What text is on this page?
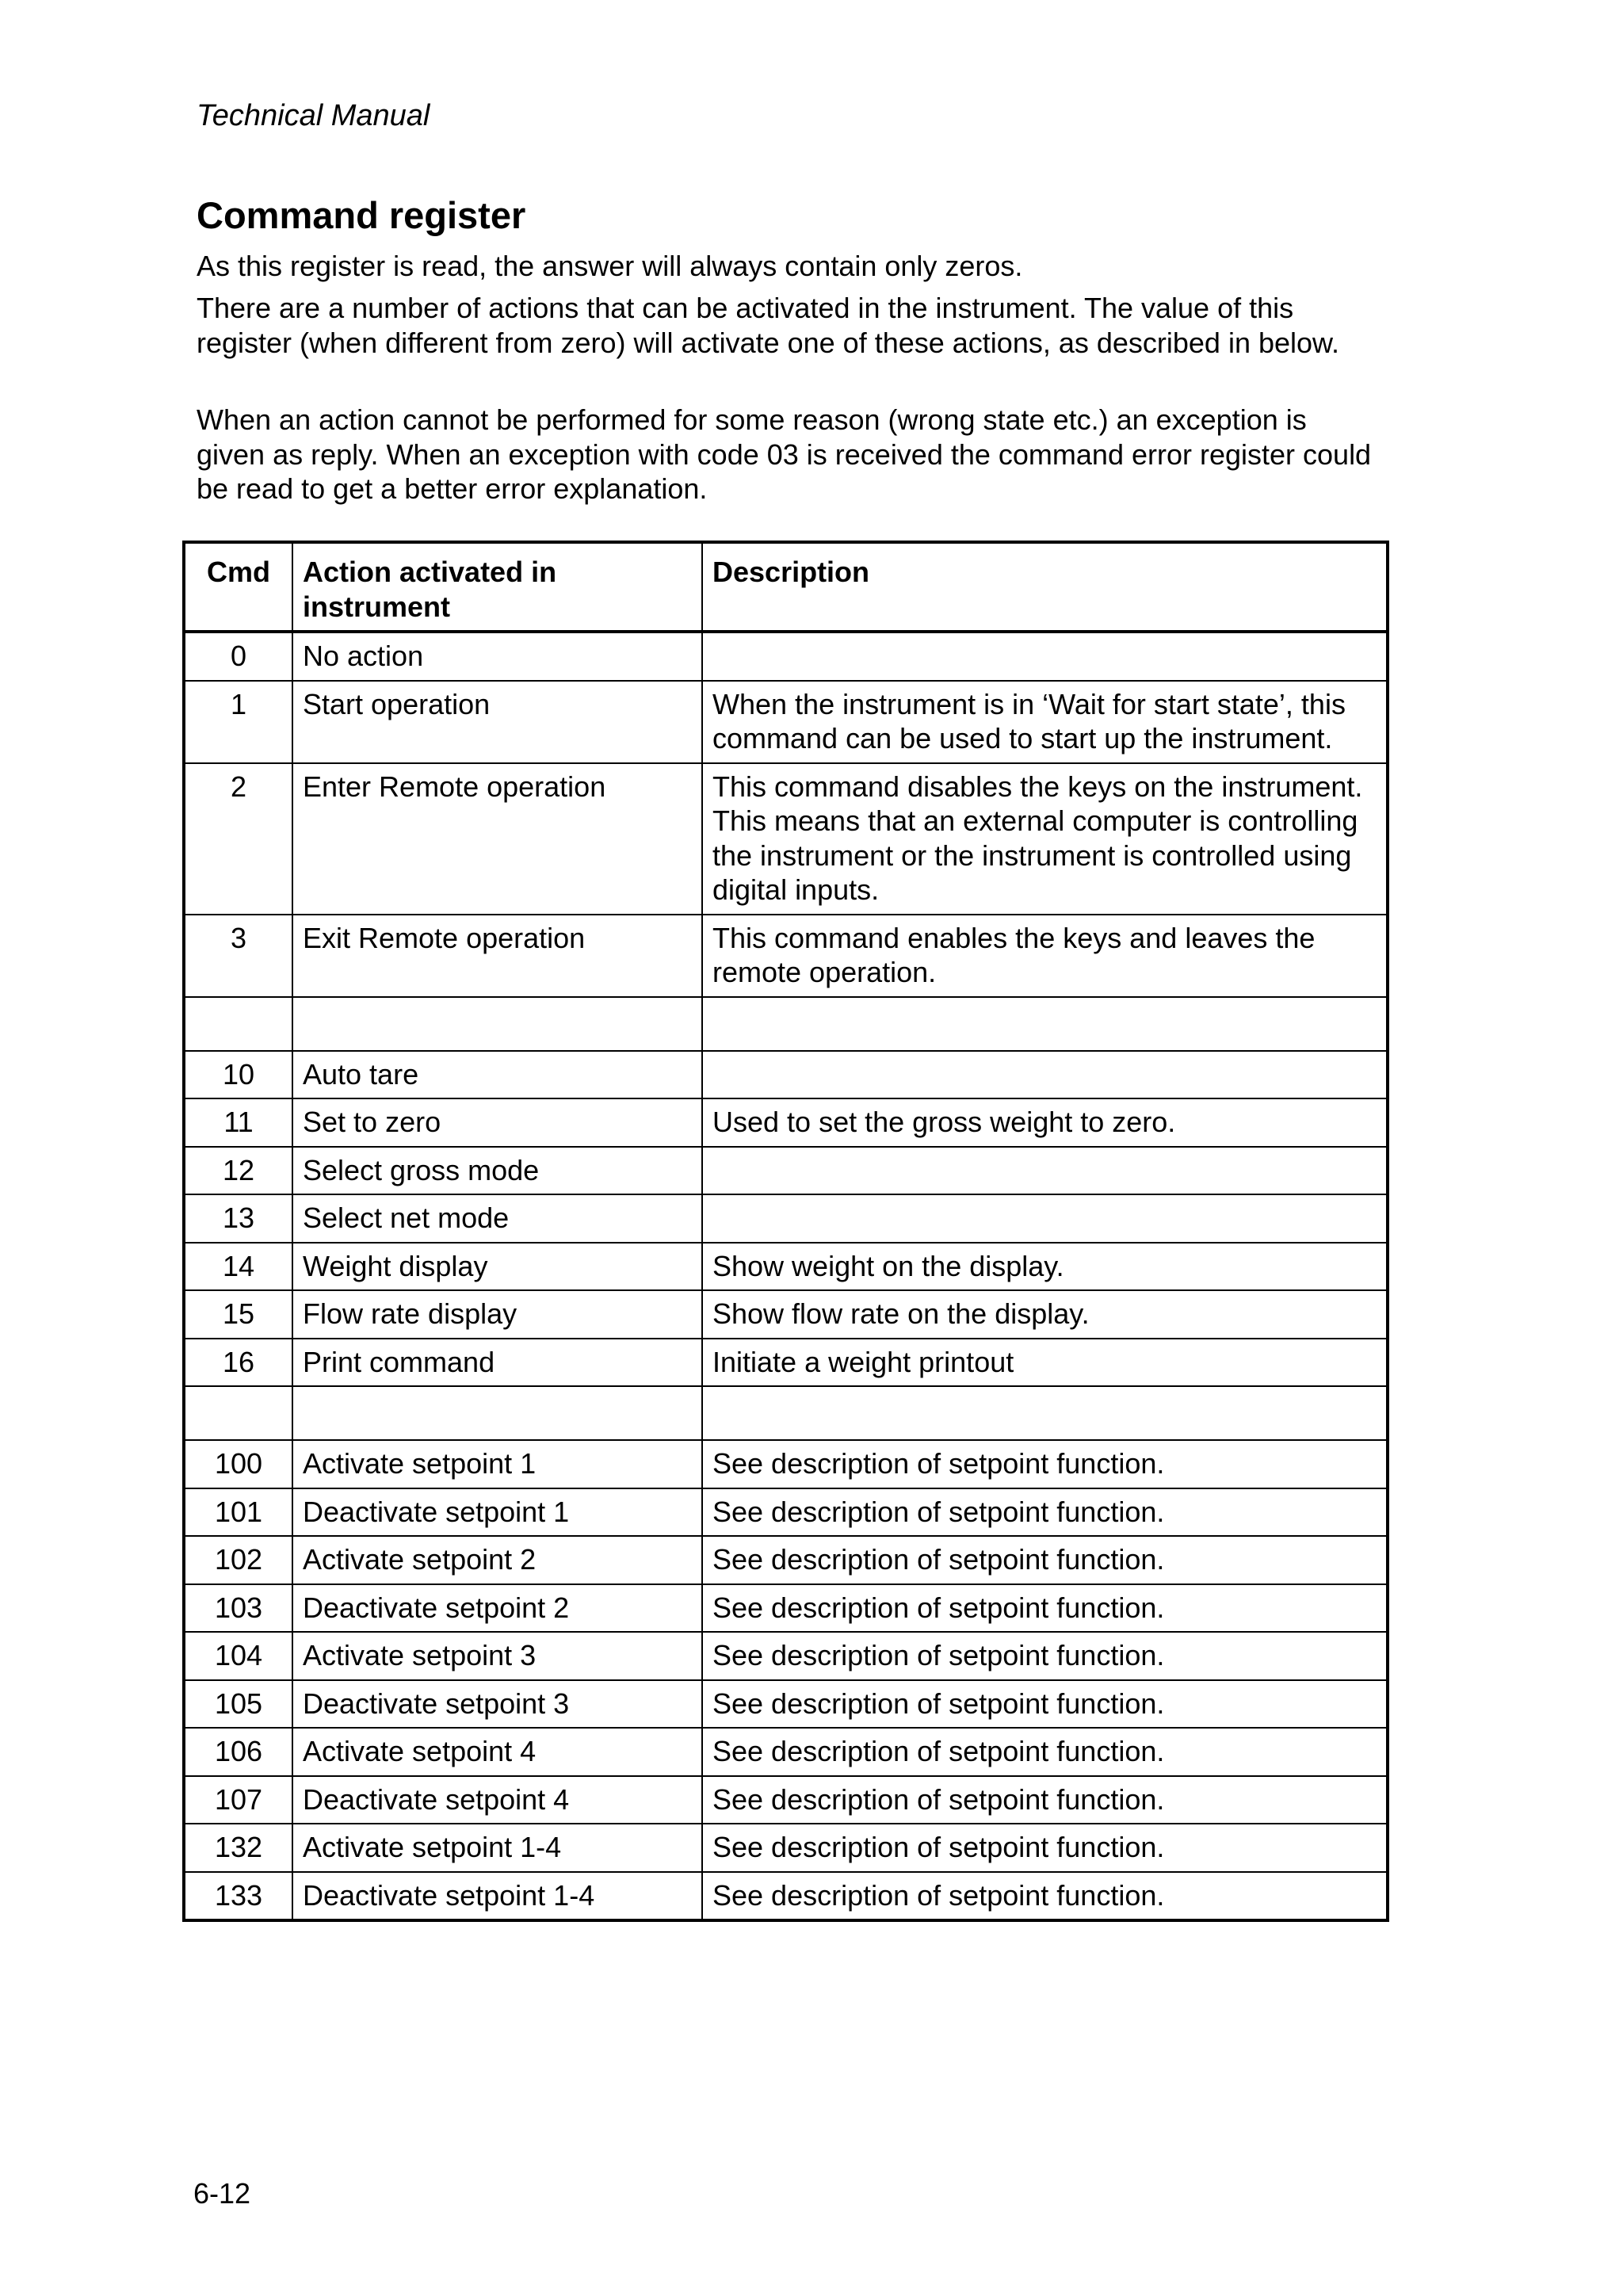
Technical Manual
Command register
As this register is read, the answer will always contain only zeros.
There are a number of actions that can be activated in the instrument. The value of this register (when different from zero) will activate one of these actions, as described in below.
When an action cannot be performed for some reason (wrong state etc.) an exception is given as reply. When an exception with code 03 is received the command error register could be read to get a better error explanation.
Cmd	Action activated in instrument	Description
0	No action	
1	Start operation	When the instrument is in ‘Wait for start state’, this command can be used to start up the instrument.
2	Enter Remote operation	This command disables the keys on the instrument. This means that an external computer is controlling the instrument or the instrument is controlled using digital inputs.
3	Exit Remote operation	This command enables the keys and leaves the remote operation.

10	Auto tare	
11	Set to zero	Used to set the gross weight to zero.
12	Select gross mode	
13	Select net mode	
14	Weight display	Show weight on the display.
15	Flow rate display	Show flow rate on the display.
16	Print command	Initiate a weight printout

100	Activate setpoint 1	See description of setpoint function.
101	Deactivate setpoint 1	See description of setpoint function.
102	Activate setpoint 2	See description of setpoint function.
103	Deactivate setpoint 2	See description of setpoint function.
104	Activate setpoint 3	See description of setpoint function.
105	Deactivate setpoint 3	See description of setpoint function.
106	Activate setpoint 4	See description of setpoint function.
107	Deactivate setpoint 4	See description of setpoint function.
132	Activate setpoint 1-4	See description of setpoint function.
133	Deactivate setpoint 1-4	See description of setpoint function.
6-12
